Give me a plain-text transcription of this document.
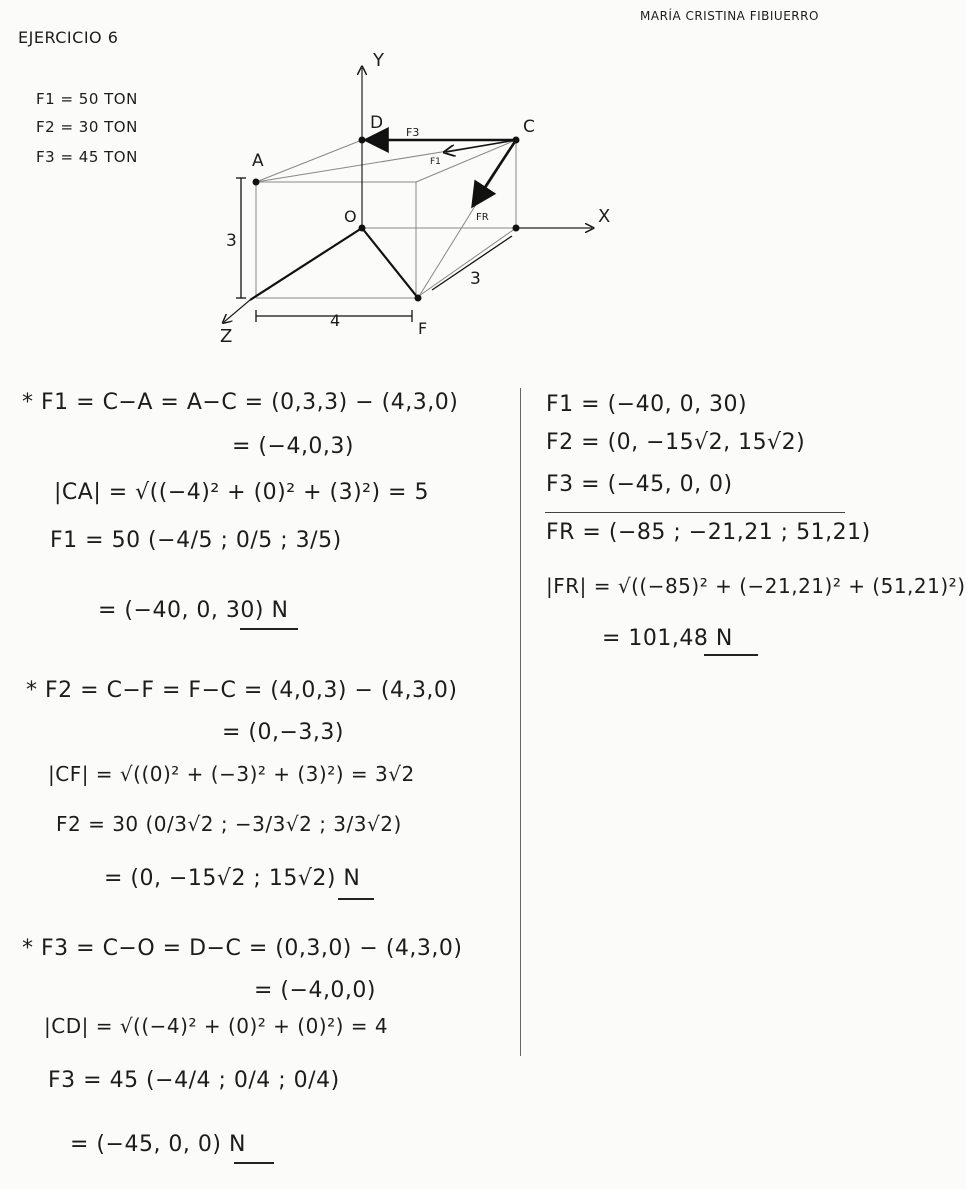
EJERCICIO 6
MARÍA CRISTINA FIBIUERRO
F1 = 50 TON
F2 = 30 TON
F3 = 45 TON
Y
X
Z
A
C
D
O
F
F3
F1
FR
3
4
3
* F1 = C−A = A−C = (0,3,3) − (4,3,0)
= (−4,0,3)
|CA| = √((−4)² + (0)² + (3)²) = 5
F1 = 50 (−4/5 ; 0/5 ; 3/5)
= (−40, 0, 30) N
* F2 = C−F = F−C = (4,0,3) − (4,3,0)
= (0,−3,3)
|CF| = √((0)² + (−3)² + (3)²) = 3√2
F2 = 30 (0/3√2 ; −3/3√2 ; 3/3√2)
= (0, −15√2 ; 15√2) N
* F3 = C−O = D−C = (0,3,0) − (4,3,0)
= (−4,0,0)
|CD| = √((−4)² + (0)² + (0)²) = 4
F3 = 45 (−4/4 ; 0/4 ; 0/4)
= (−45, 0, 0) N
F1 = (−40, 0, 30)
F2 = (0, −15√2, 15√2)
F3 = (−45, 0, 0)
FR = (−85 ; −21,21 ; 51,21)
|FR| = √((−85)² + (−21,21)² + (51,21)²)
= 101,48 N
